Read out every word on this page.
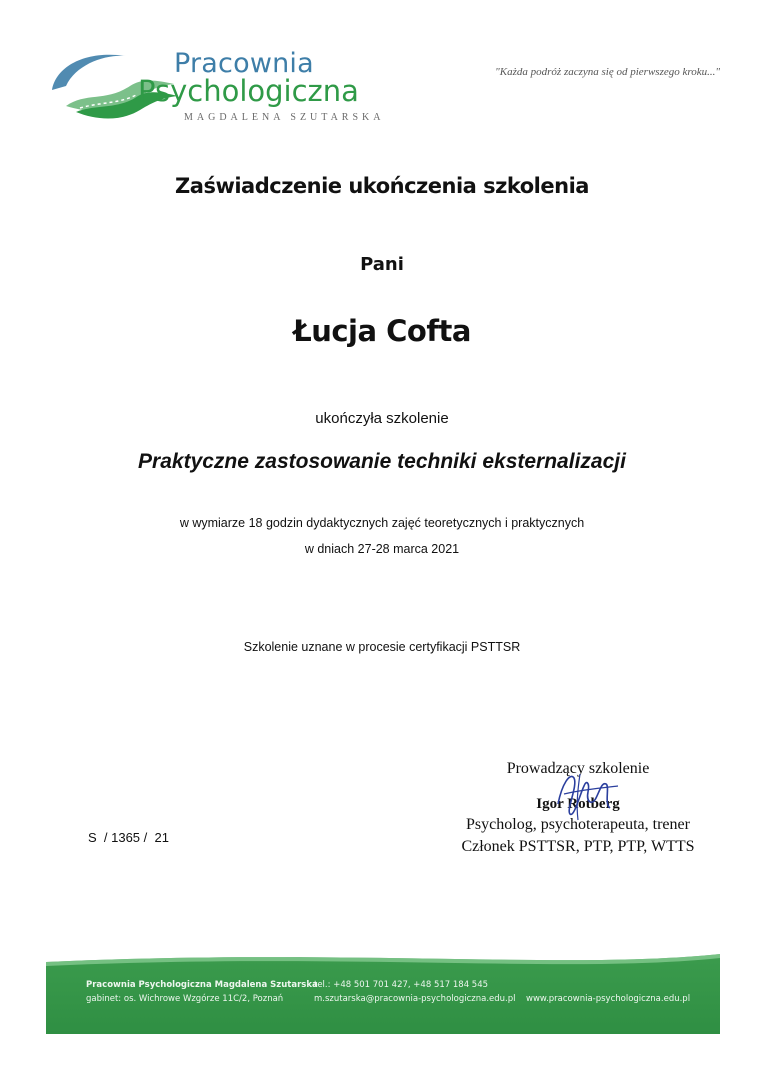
Pracownia
Psychologiczna
MAGDALENA SZUTARSKA
"Każda podróż zaczyna się od pierwszego kroku..."
Zaświadczenie ukończenia szkolenia
Pani
Łucja Cofta
ukończyła szkolenie
Praktyczne zastosowanie techniki eksternalizacji
w wymiarze 18 godzin dydaktycznych zajęć teoretycznych i praktycznych
w dniach 27-28 marca 2021
Szkolenie uznane w procesie certyfikacji PSTTSR
Prowadzący szkolenie
Igor Rotberg
Psycholog, psychoterapeuta, trener
Członek PSTTSR, PTP, PTP, WTTS
S  / 1365 /  21
Pracownia Psychologiczna Magdalena Szutarska
gabinet: os. Wichrowe Wzgórze 11C/2, Poznań
tel.: +48 501 701 427, +48 517 184 545
m.szutarska@pracownia-psychologiczna.edu.pl
www.pracownia-psychologiczna.edu.pl
